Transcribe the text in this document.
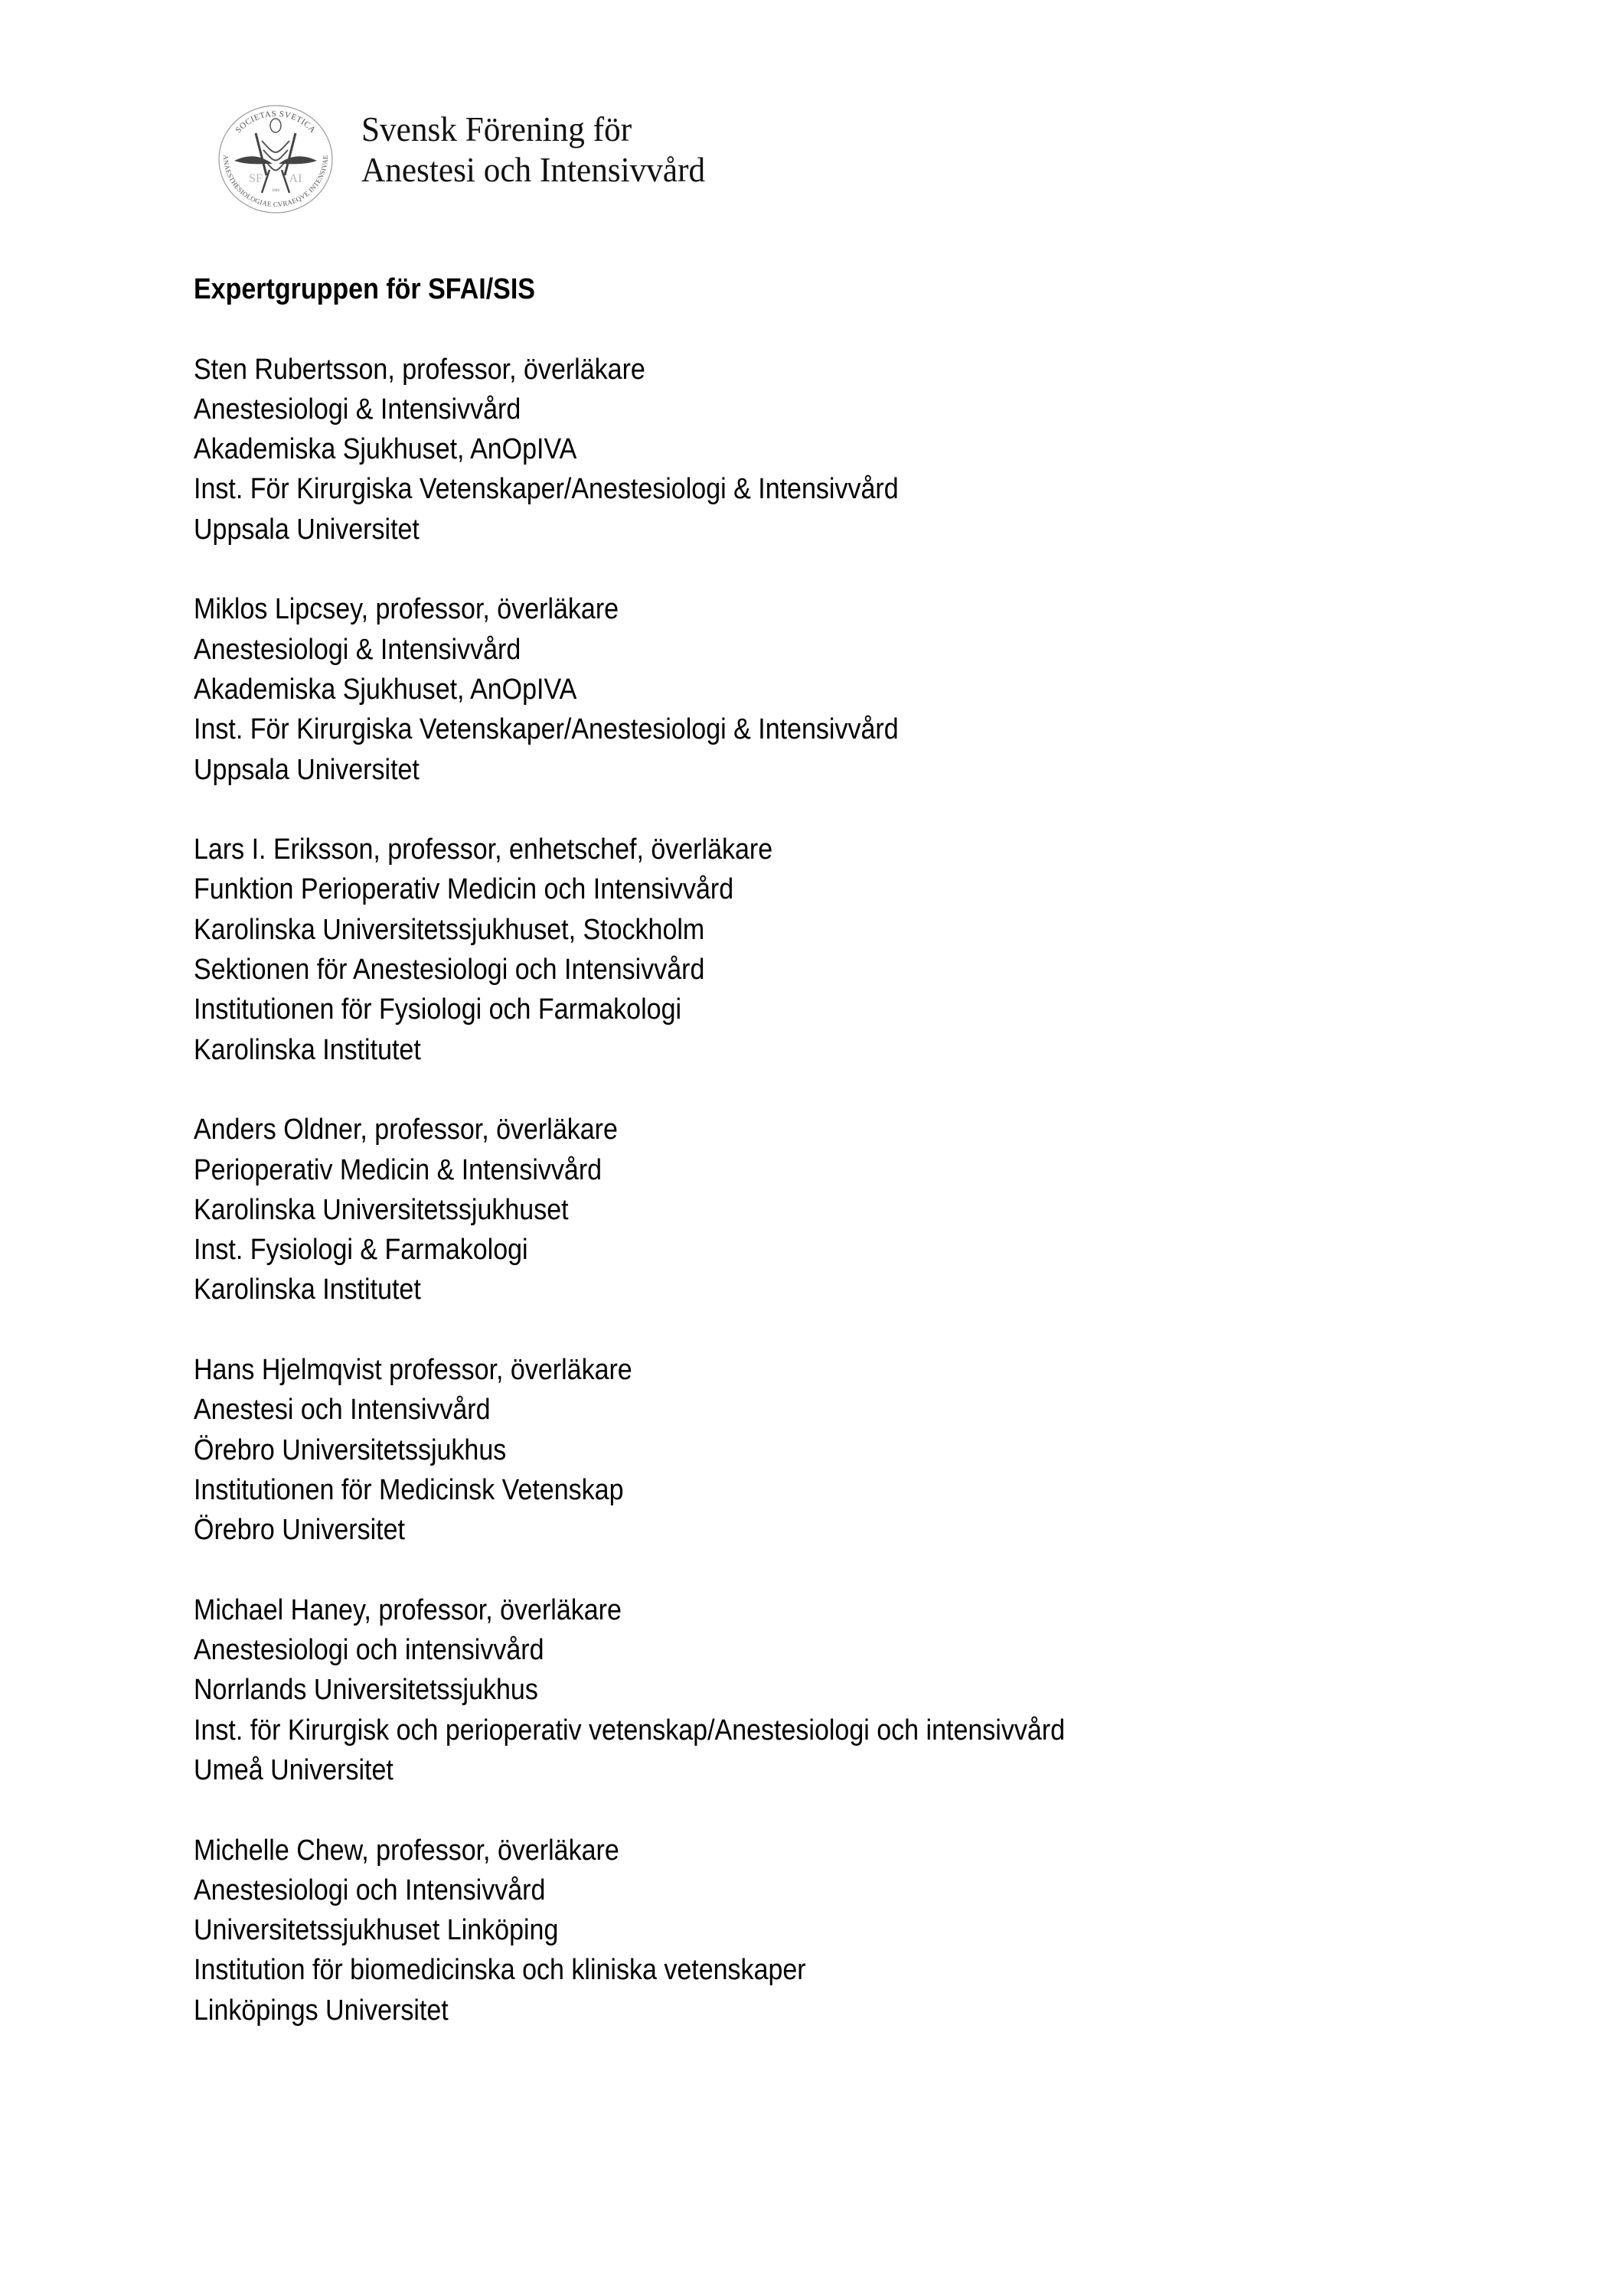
SOCIETAS SVETICA
ANAESTHESIOLOGIAE CVRAEQVE INTENSIVAE
SF AI
1946
Svensk Förening för
Anestesi och Intensivvård
Expertgruppen för SFAI/SIS
Sten Rubertsson, professor, överläkare
Anestesiologi & Intensivvård
Akademiska Sjukhuset, AnOpIVA
Inst. För Kirurgiska Vetenskaper/Anestesiologi & Intensivvård
Uppsala Universitet
Miklos Lipcsey, professor, överläkare
Anestesiologi & Intensivvård
Akademiska Sjukhuset, AnOpIVA
Inst. För Kirurgiska Vetenskaper/Anestesiologi & Intensivvård
Uppsala Universitet
Lars I. Eriksson, professor, enhetschef, överläkare
Funktion Perioperativ Medicin och Intensivvård
Karolinska Universitetssjukhuset, Stockholm
Sektionen för Anestesiologi och Intensivvård
Institutionen för Fysiologi och Farmakologi
Karolinska Institutet
Anders Oldner, professor, överläkare
Perioperativ Medicin & Intensivvård
Karolinska Universitetssjukhuset
Inst. Fysiologi & Farmakologi
Karolinska Institutet
Hans Hjelmqvist professor, överläkare
Anestesi och Intensivvård
Örebro Universitetssjukhus
Institutionen för Medicinsk Vetenskap
Örebro Universitet
Michael Haney, professor, överläkare
Anestesiologi och intensivvård
Norrlands Universitetssjukhus
Inst. för Kirurgisk och perioperativ vetenskap/Anestesiologi och intensivvård
Umeå Universitet
Michelle Chew, professor, överläkare
Anestesiologi och Intensivvård
Universitetssjukhuset Linköping
Institution för biomedicinska och kliniska vetenskaper
Linköpings Universitet
